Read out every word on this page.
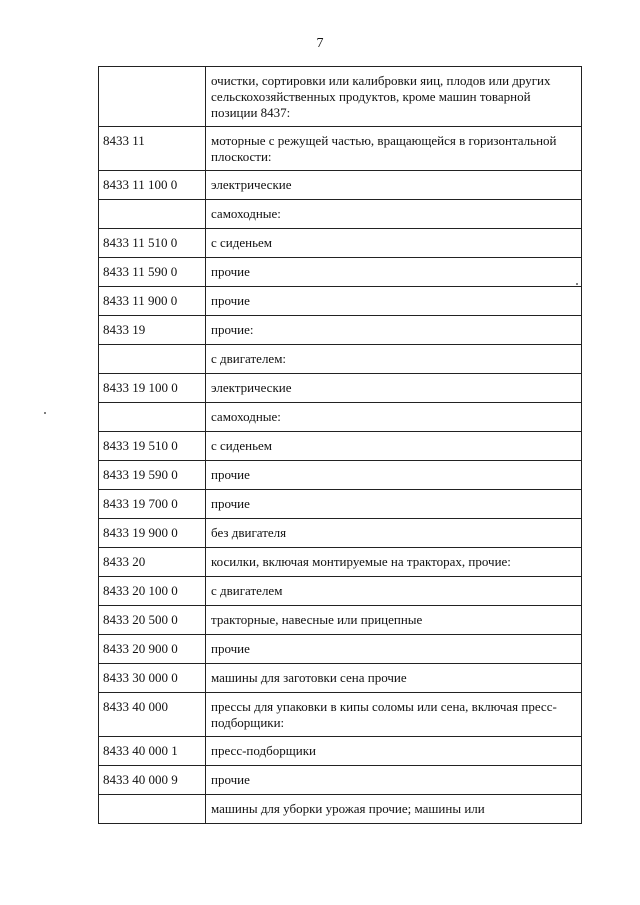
7
	очистки, сортировки или калибровки яиц, плодов или других сельскохозяйственных продуктов, кроме машин товарной позиции 8437:
8433 11	моторные с режущей частью, вращающейся в горизонтальной плоскости:
8433 11 100 0	электрические
	самоходные:
8433 11 510 0	с сиденьем
8433 11 590 0	прочие
8433 11 900 0	прочие
8433 19	прочие:
	с двигателем:
8433 19 100 0	электрические
	самоходные:
8433 19 510 0	с сиденьем
8433 19 590 0	прочие
8433 19 700 0	прочие
8433 19 900 0	без двигателя
8433 20	косилки, включая монтируемые на тракторах, прочие:
8433 20 100 0	с двигателем
8433 20 500 0	тракторные, навесные или прицепные
8433 20 900 0	прочие
8433 30 000 0	машины для заготовки сена прочие
8433 40 000	прессы для упаковки в кипы соломы или сена, включая пресс-подборщики:
8433 40 000 1	пресс-подборщики
8433 40 000 9	прочие
	машины для уборки урожая прочие; машины или
